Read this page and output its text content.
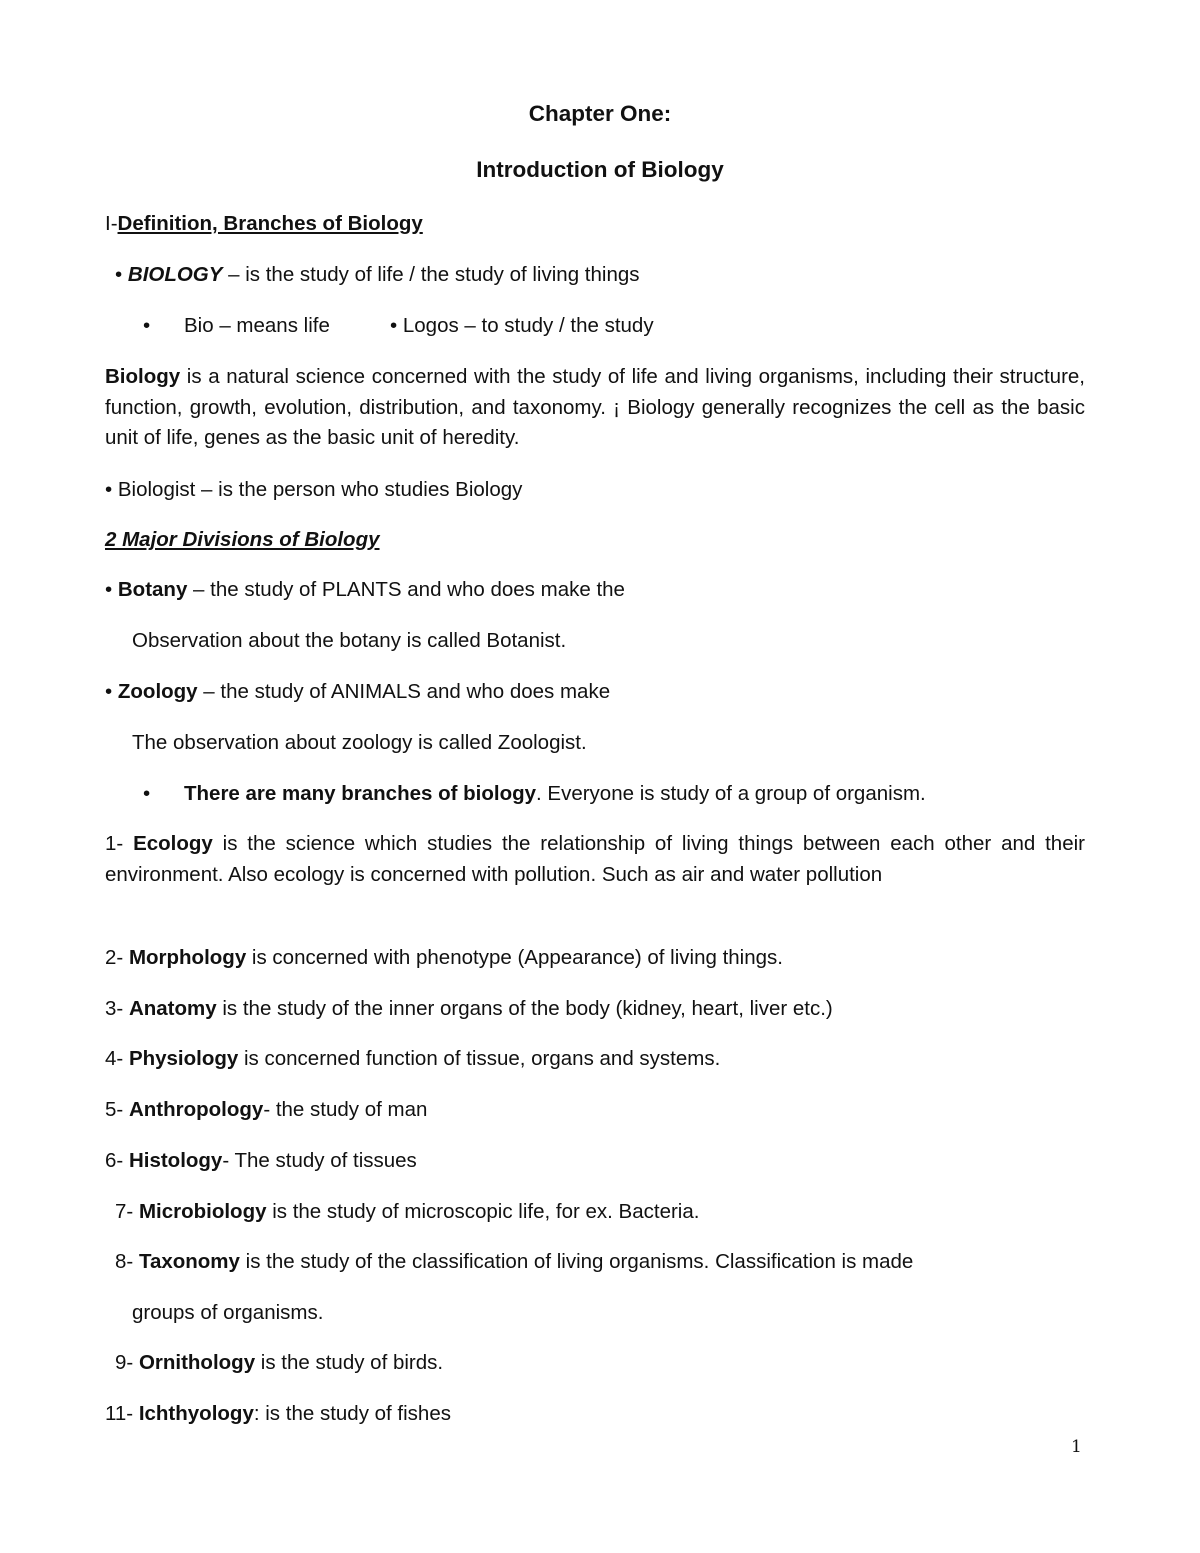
Chapter One:

Introduction of Biology

I-Definition, Branches of Biology

• BIOLOGY – is the study of life / the study of living things

• Bio – means life	• Logos – to study / the study

Biology is a natural science concerned with the study of life and living organisms, including their structure, function, growth, evolution, distribution, and taxonomy. ¡ Biology generally recognizes the cell as the basic unit of life, genes as the basic unit of heredity.

• Biologist – is the person who studies Biology

2 Major Divisions of Biology

• Botany – the study of PLANTS and who does make the

Observation about the botany is called Botanist.

• Zoology – the study of ANIMALS and who does make

The observation about zoology is called Zoologist.

• There are many branches of biology. Everyone is study of a group of organism.

1- Ecology is the science which studies the relationship of living things between each other and their environment. Also ecology is concerned with pollution. Such as air and water pollution

2- Morphology is concerned with phenotype (Appearance) of living things.

3- Anatomy is the study of the inner organs of the body (kidney, heart, liver etc.)

4- Physiology is concerned function of tissue, organs and systems.

5- Anthropology- the study of man

6- Histology- The study of tissues

7- Microbiology is the study of microscopic life, for ex. Bacteria.

8- Taxonomy is the study of the classification of living organisms. Classification is made

groups of organisms.

9- Ornithology is the study of birds.

11- Ichthyology: is the study of fishes

1
